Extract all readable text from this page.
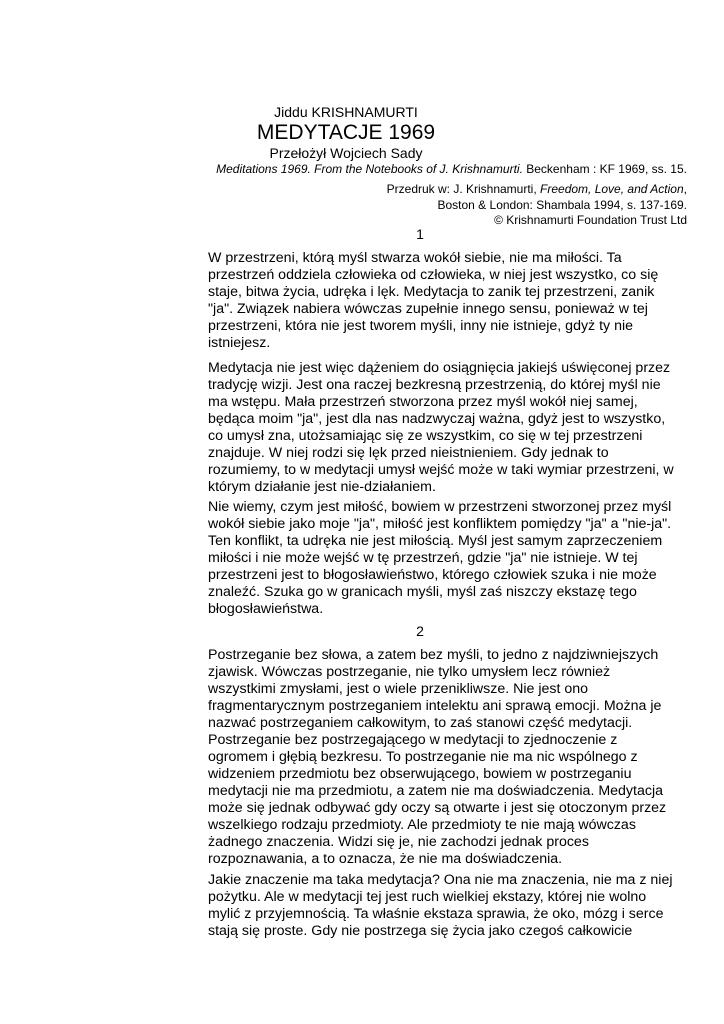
Jiddu KRISHNAMURTI
MEDYTACJE 1969
Przełożył Wojciech Sady
Meditations 1969. From the Notebooks of J. Krishnamurti. Beckenham : KF 1969, ss. 15.
Przedruk w: J. Krishnamurti, Freedom, Love, and Action,
Boston & London: Shambala 1994, s. 137-169.
© Krishnamurti Foundation Trust Ltd
1

W przestrzeni, którą myśl stwarza wokół siebie, nie ma miłości. Ta
przestrzeń oddziela człowieka od człowieka, w niej jest wszystko, co się
staje, bitwa życia, udręka i lęk. Medytacja to zanik tej przestrzeni, zanik
"ja". Związek nabiera wówczas zupełnie innego sensu, ponieważ w tej
przestrzeni, która nie jest tworem myśli, inny nie istnieje, gdyż ty nie
istniejesz.

Medytacja nie jest więc dążeniem do osiągnięcia jakiejś uświęconej przez
tradycję wizji. Jest ona raczej bezkresną przestrzenią, do której myśl nie
ma wstępu. Mała przestrzeń stworzona przez myśl wokół niej samej,
będąca moim "ja", jest dla nas nadzwyczaj ważna, gdyż jest to wszystko,
co umysł zna, utożsamiając się ze wszystkim, co się w tej przestrzeni
znajduje. W niej rodzi się lęk przed nieistnieniem. Gdy jednak to
rozumiemy, to w medytacji umysł wejść może w taki wymiar przestrzeni, w
którym działanie jest nie-działaniem.

Nie wiemy, czym jest miłość, bowiem w przestrzeni stworzonej przez myśl
wokół siebie jako moje "ja", miłość jest konfliktem pomiędzy "ja" a "nie-ja".
Ten konflikt, ta udręka nie jest miłością. Myśl jest samym zaprzeczeniem
miłości i nie może wejść w tę przestrzeń, gdzie "ja" nie istnieje. W tej
przestrzeni jest to błogosławieństwo, którego człowiek szuka i nie może
znaleźć. Szuka go w granicach myśli, myśl zaś niszczy ekstazę tego
błogosławieństwa.

2

Postrzeganie bez słowa, a zatem bez myśli, to jedno z najdziwniejszych
zjawisk. Wówczas postrzeganie, nie tylko umysłem lecz również
wszystkimi zmysłami, jest o wiele przenikliwsze. Nie jest ono
fragmentarycznym postrzeganiem intelektu ani sprawą emocji. Można je
nazwać postrzeganiem całkowitym, to zaś stanowi część medytacji.
Postrzeganie bez postrzegającego w medytacji to zjednoczenie z
ogromem i głębią bezkresu. To postrzeganie nie ma nic wspólnego z
widzeniem przedmiotu bez obserwującego, bowiem w postrzeganiu
medytacji nie ma przedmiotu, a zatem nie ma doświadczenia. Medytacja
może się jednak odbywać gdy oczy są otwarte i jest się otoczonym przez
wszelkiego rodzaju przedmioty. Ale przedmioty te nie mają wówczas
żadnego znaczenia. Widzi się je, nie zachodzi jednak proces
rozpoznawania, a to oznacza, że nie ma doświadczenia.

Jakie znaczenie ma taka medytacja? Ona nie ma znaczenia, nie ma z niej
pożytku. Ale w medytacji tej jest ruch wielkiej ekstazy, której nie wolno
mylić z przyjemnością. Ta właśnie ekstaza sprawia, że oko, mózg i serce
stają się proste. Gdy nie postrzega się życia jako czegoś całkowicie
